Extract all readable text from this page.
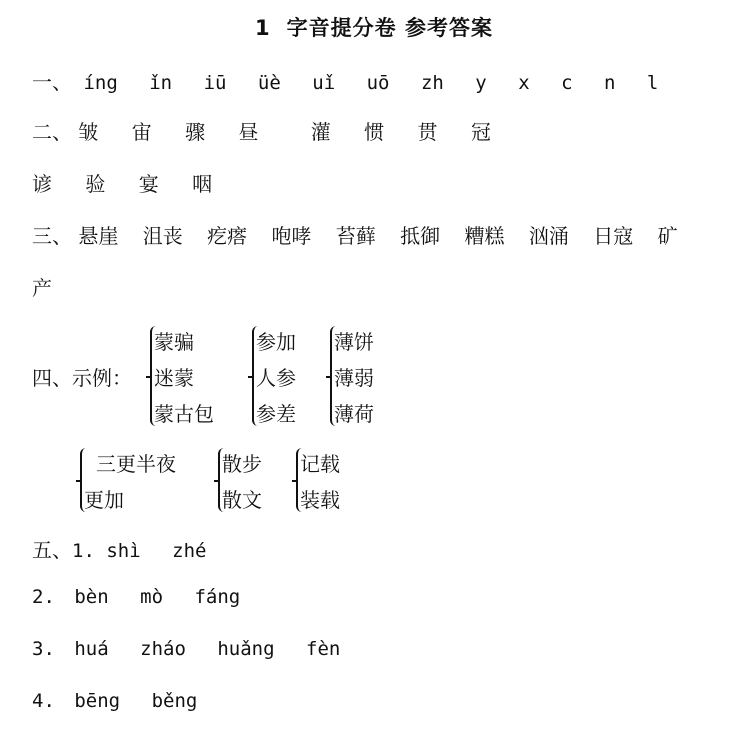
1 字音提分卷 参考答案
一、 íng ǐn iū üè uǐ uō zh y x c n l
二、 皱 宙 骤 昼	灌 惯 贯 冠
谚 验 宴 咽
三、 悬崖 沮丧 疙瘩 咆哮 苔藓 抵御 糟糕 汹涌 日寇 矿
产
四、示例：
蒙骗
迷蒙
蒙古包
参加
人参
参差
薄饼
薄弱
薄荷
三更半夜
更加
散步
散文
记载
装载
五、1. shì zhé
2. bèn mò fáng
3. huá zháo huǎng fèn
4. bēng běng
